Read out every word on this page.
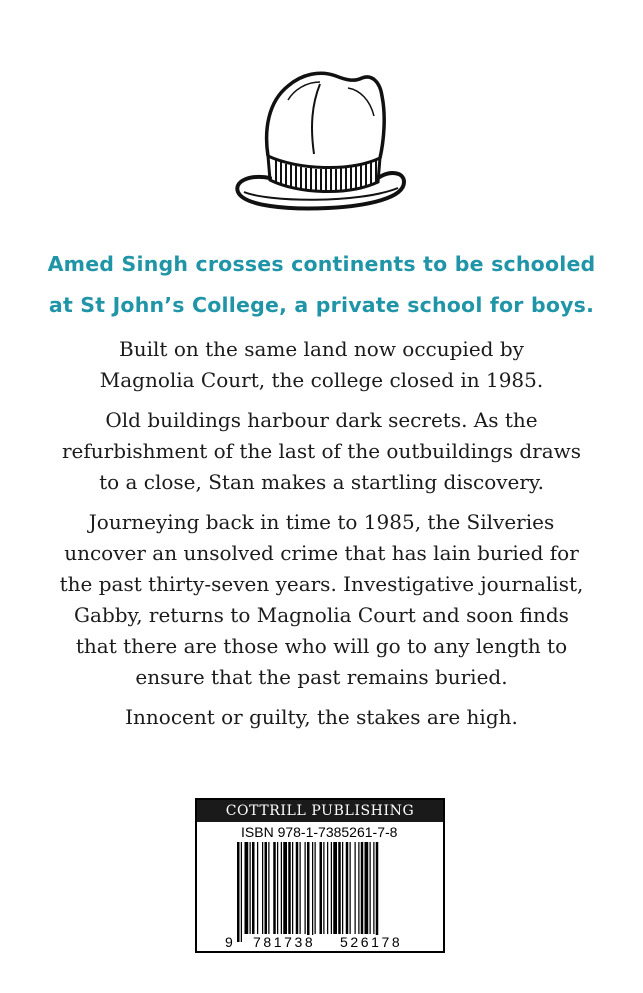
Amed Singh crosses continents to be schooled
at St John’s College, a private school for boys.
Built on the same land now occupied by
Magnolia Court, the college closed in 1985.
Old buildings harbour dark secrets. As the
refurbishment of the last of the outbuildings draws
to a close, Stan makes a startling discovery.
Journeying back in time to 1985, the Silveries
uncover an unsolved crime that has lain buried for
the past thirty-seven years. Investigative journalist,
Gabby, returns to Magnolia Court and soon finds
that there are those who will go to any length to
ensure that the past remains buried.
Innocent or guilty, the stakes are high.
COTTRILL PUBLISHING
ISBN 978-1-7385261-7-8
9 781738 526178
